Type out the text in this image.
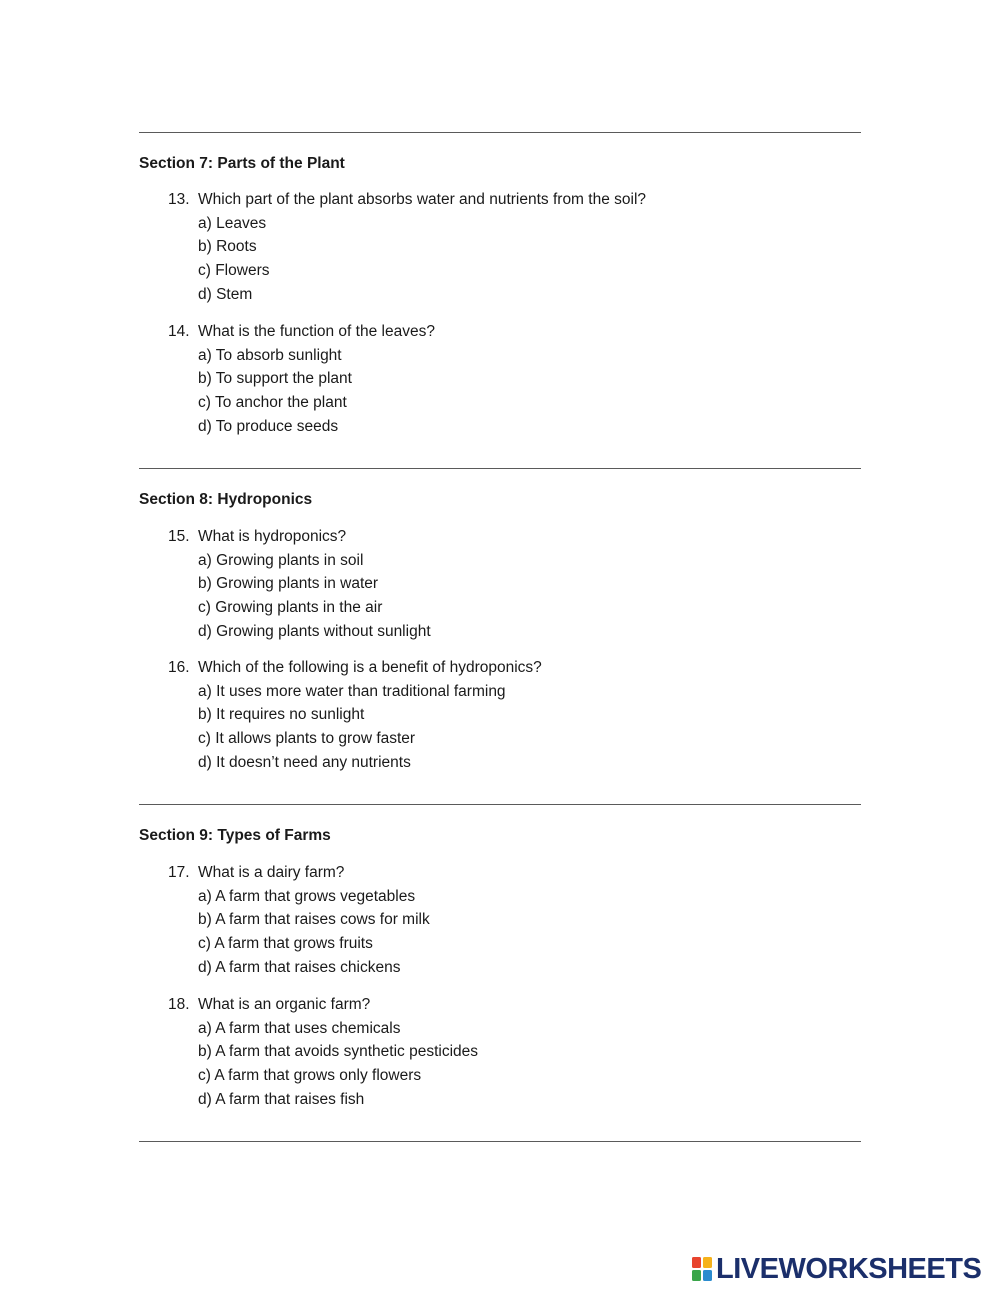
Section 7: Parts of the Plant
13. Which part of the plant absorbs water and nutrients from the soil?
a) Leaves
b) Roots
c) Flowers
d) Stem
14. What is the function of the leaves?
a) To absorb sunlight
b) To support the plant
c) To anchor the plant
d) To produce seeds
Section 8: Hydroponics
15. What is hydroponics?
a) Growing plants in soil
b) Growing plants in water
c) Growing plants in the air
d) Growing plants without sunlight
16. Which of the following is a benefit of hydroponics?
a) It uses more water than traditional farming
b) It requires no sunlight
c) It allows plants to grow faster
d) It doesn’t need any nutrients
Section 9: Types of Farms
17. What is a dairy farm?
a) A farm that grows vegetables
b) A farm that raises cows for milk
c) A farm that grows fruits
d) A farm that raises chickens
18. What is an organic farm?
a) A farm that uses chemicals
b) A farm that avoids synthetic pesticides
c) A farm that grows only flowers
d) A farm that raises fish
LIVEWORKSHEETS
